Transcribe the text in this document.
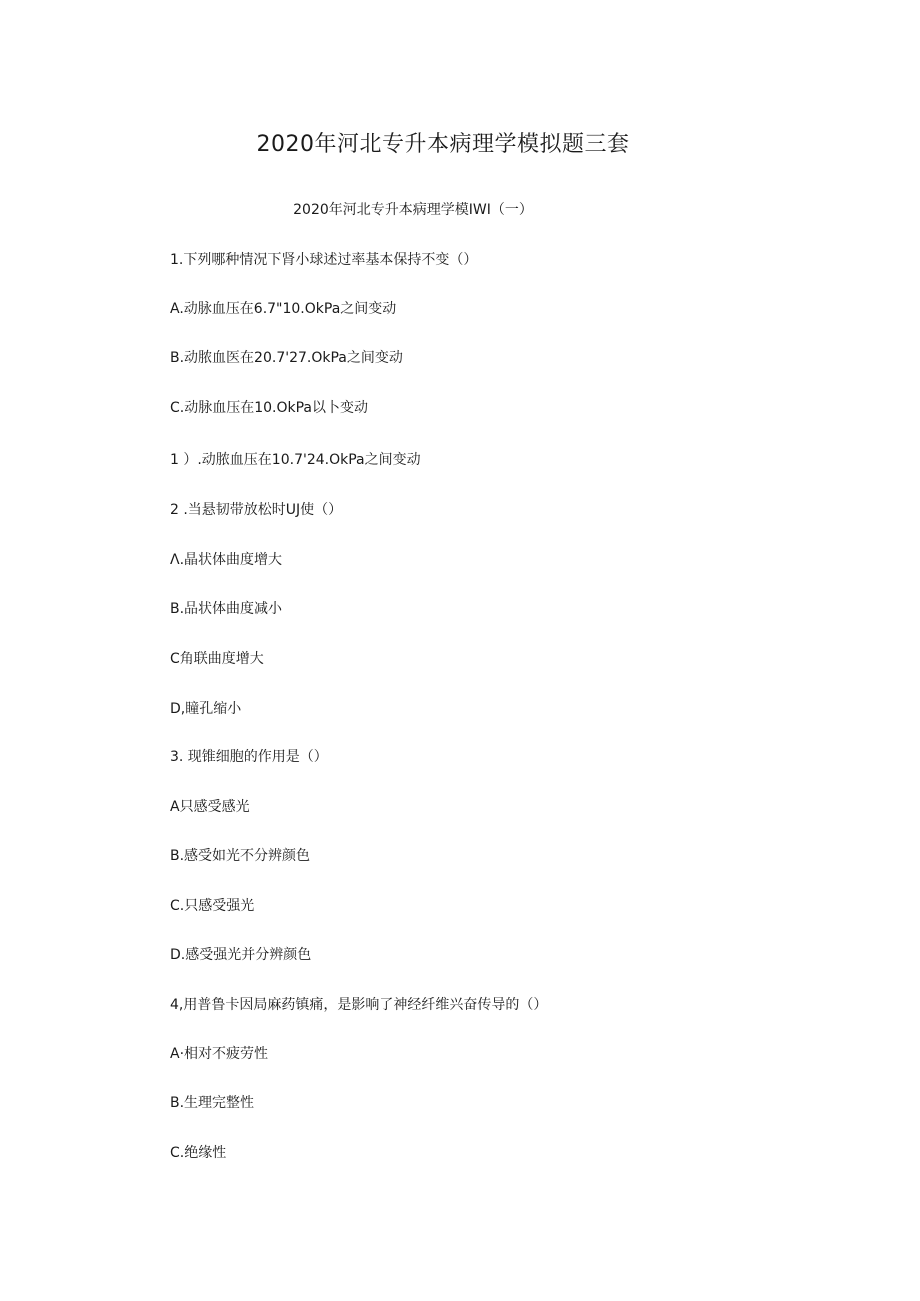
2020年河北专升本病理学模拟题三套

2020年河北专升本病理学模IWI（一）

1.下列哪种情况下肾小球述过率基本保持不变（）
A.动脉血压在6.7"10.OkPa之间变动
B.动脓血医在20.7'27.OkPa之间变动
C.动脉血压在10.OkPa以卜变动
1 ）.动脓血压在10.7'24.OkPa之间变动
2 .当悬韧带放松时UJ使（）
Λ.晶状体曲度增大
B.品状体曲度减小
C角联曲度增大
D,瞳孔缩小
3. 现锥细胞的作用是（）
A只感受感光
B.感受如光不分辨颜色
C.只感受强光
D.感受强光并分辨颜色
4,用普鲁卡因局麻药镇痛，是影响了神经纤维兴奋传导的（）
A·相对不疲劳性
B.生理完整性
C.绝缘性
